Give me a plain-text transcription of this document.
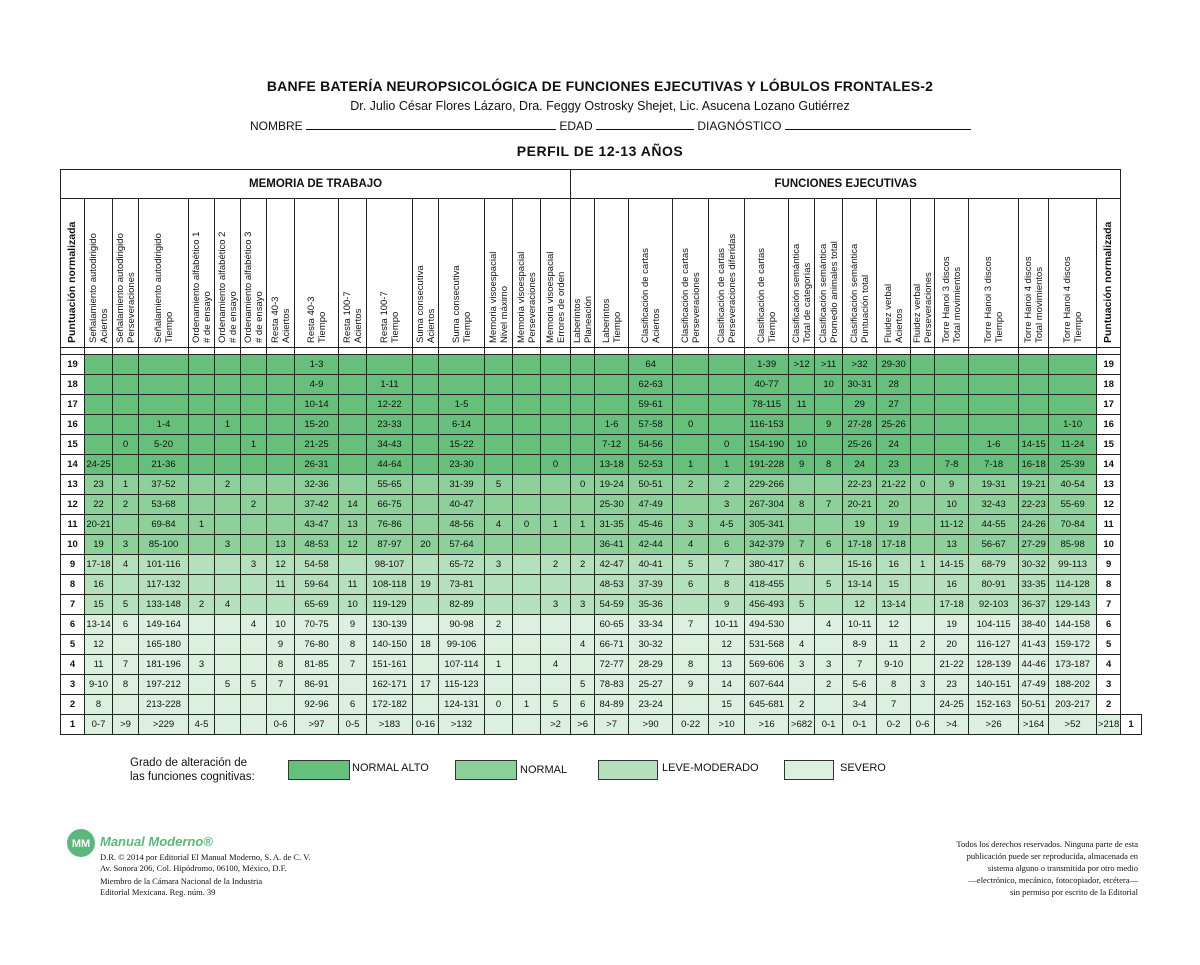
BANFE BATERÍA NEUROPSICOLÓGICA DE FUNCIONES EJECUTIVAS Y LÓBULOS FRONTALES-2
Dr. Julio César Flores Lázaro, Dra. Feggy Ostrosky Shejet, Lic. Asucena Lozano Gutiérrez
NOMBRE	EDAD	DIAGNÓSTICO
PERFIL DE 12-13 AÑOS
MEMORIA DE TRABAJO																FUNCIONES EJECUTIVAS																

Puntuación normalizada	Señalamiento autodirigido Aciertos	Señalamiento autodirigido Perseveraciones	Señalamiento autodirigido Tiempo	Ordenamiento alfabético 1 # de ensayo	Ordenamiento alfabético 2 # de ensayo	Ordenamiento alfabético 3 # de ensayo	Resta 40-3 Aciertos	Resta 40-3 Tiempo	Resta 100-7 Aciertos	Resta 100-7 Tiempo	Suma consecutiva Aciertos	Suma consecutiva Tiempo	Memoria visoespacial Nivel máximo	Memoria visoespacial Perseveraciones	Memoria visoespacial Errores de orden	Laberintos Planeación	Laberintos Tiempo	Clasificación de cartas Aciertos	Clasificación de cartas Perseveraciones	Clasificación de cartas Perseveraciones diferidas	Clasificación de cartas Tiempo	Clasificación semántica Total de categorías	Clasificación semántica Promedio animales total	Clasificación semántica Puntuación total	Fluidez verbal Aciertos	Fluidez verbal Perseveraciones	Torre Hanoi 3 discos Total movimientos	Torre Hanoi 3 discos Tiempo	Torre Hanoi 4 discos Total movimientos	Torre Hanoi 4 discos Tiempo	Puntuación normalizada	

19								1-3										64			1-39	>12	>11	>32	29-30						19	
18								4-9		1-11								62-63			40-77		10	30-31	28						18	
17								10-14		12-22		1-5						59-61			78-115	11		29	27						17	
16			1-4		1			15-20		23-33		6-14					1-6	57-58	0		116-153		9	27-28	25-26					1-10	16	
15		0	5-20			1		21-25		34-43		15-22					7-12	54-56		0	154-190	10		25-26	24			1-6	14-15	11-24	15	
14	24-25		21-36					26-31		44-64		23-30			0		13-18	52-53	1	1	191-228	9	8	24	23		7-8	7-18	16-18	25-39	14	
13	23	1	37-52		2			32-36		55-65		31-39	5			0	19-24	50-51	2	2	229-266			22-23	21-22	0	9	19-31	19-21	40-54	13	
12	22	2	53-68			2		37-42	14	66-75		40-47					25-30	47-49		3	267-304	8	7	20-21	20		10	32-43	22-23	55-69	12	
11	20-21		69-84	1				43-47	13	76-86		48-56	4	0	1	1	31-35	45-46	3	4-5	305-341			19	19		11-12	44-55	24-26	70-84	11	
10	19	3	85-100		3		13	48-53	12	87-97	20	57-64					36-41	42-44	4	6	342-379	7	6	17-18	17-18		13	56-67	27-29	85-98	10	
9	17-18	4	101-116			3	12	54-58		98-107		65-72	3		2	2	42-47	40-41	5	7	380-417	6		15-16	16	1	14-15	68-79	30-32	99-113	9	
8	16		117-132				11	59-64	11	108-118	19	73-81					48-53	37-39	6	8	418-455		5	13-14	15		16	80-91	33-35	114-128	8	
7	15	5	133-148	2	4			65-69	10	119-129		82-89			3	3	54-59	35-36		9	456-493	5		12	13-14		17-18	92-103	36-37	129-143	7	
6	13-14	6	149-164			4	10	70-75	9	130-139		90-98	2				60-65	33-34	7	10-11	494-530		4	10-11	12		19	104-115	38-40	144-158	6	
5	12		165-180				9	76-80	8	140-150	18	99-106				4	66-71	30-32		12	531-568	4		8-9	11	2	20	116-127	41-43	159-172	5	
4	11	7	181-196	3			8	81-85	7	151-161		107-114	1		4		72-77	28-29	8	13	569-606	3	3	7	9-10		21-22	128-139	44-46	173-187	4	
3	9-10	8	197-212		5	5	7	86-91		162-171	17	115-123				5	78-83	25-27	9	14	607-644		2	5-6	8	3	23	140-151	47-49	188-202	3	
2	8		213-228					92-96	6	172-182		124-131	0	1	5	6	84-89	23-24		15	645-681	2		3-4	7		24-25	152-163	50-51	203-217	2	
1	0-7	>9	>229	4-5			0-6	>97	0-5	>183	0-16	>132			>2	>6	>7	>90	0-22	>10	>16	>682	0-1	0-1	0-2	0-6	>4	>26	>164	>52	>218	1
Grado de alteración de
las funciones cognitivas:
NORMAL ALTO	NORMAL	LEVE-MODERADO	SEVERO
MM Manual Moderno®
D.R. © 2014 por Editorial El Manual Moderno, S. A. de C. V.
Av. Sonora 206, Col. Hipódromo, 06100, México, D.F.
Miembro de la Cámara Nacional de la Industria
Editorial Mexicana. Reg. núm. 39
Todos los derechos reservados. Ninguna parte de esta
publicación puede ser reproducida, almacenada en
sistema alguno o transmitida por otro medio
—electrónico, mecánico, fotocopiador, etcétera—
sin permiso por escrito de la Editorial
